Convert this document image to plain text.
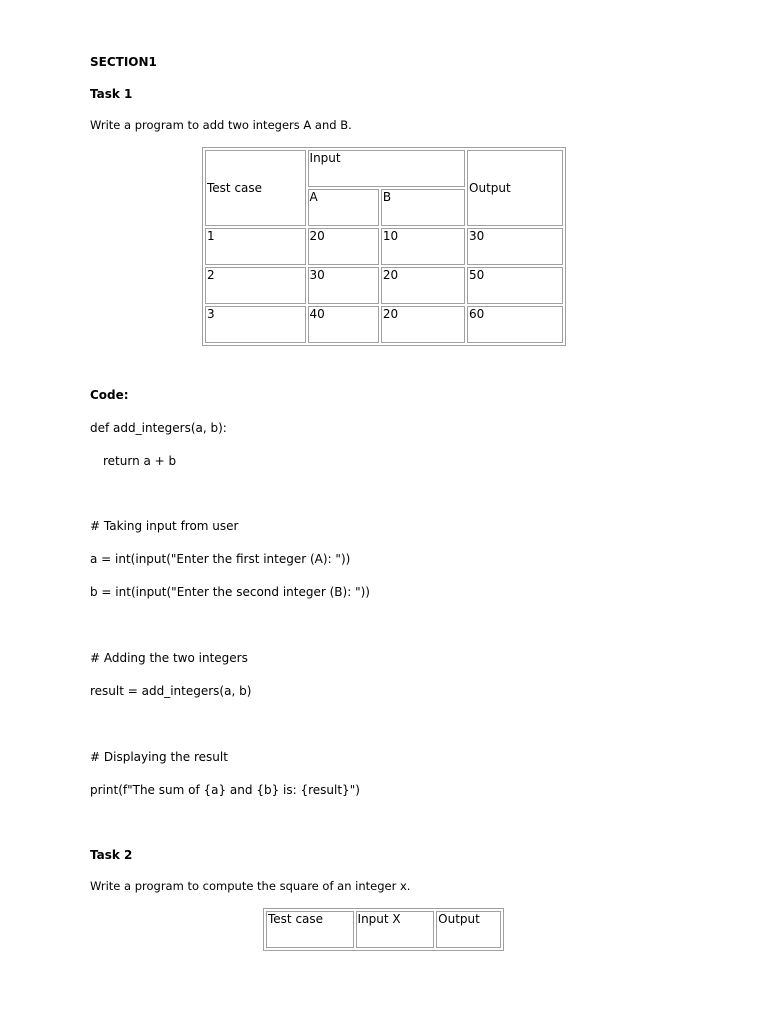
SECTION1
Task 1
Write a program to add two integers A and B.
Test case	Input		Output
	A	B	
1	20	10	30
2	30	20	50
3	40	20	60
Code:
def add_integers(a, b):
return a + b
# Taking input from user
a = int(input("Enter the first integer (A): "))
b = int(input("Enter the second integer (B): "))
# Adding the two integers
result = add_integers(a, b)
# Displaying the result
print(f"The sum of {a} and {b} is: {result}")
Task 2
Write a program to compute the square of an integer x.
Test case	Input X	Output
